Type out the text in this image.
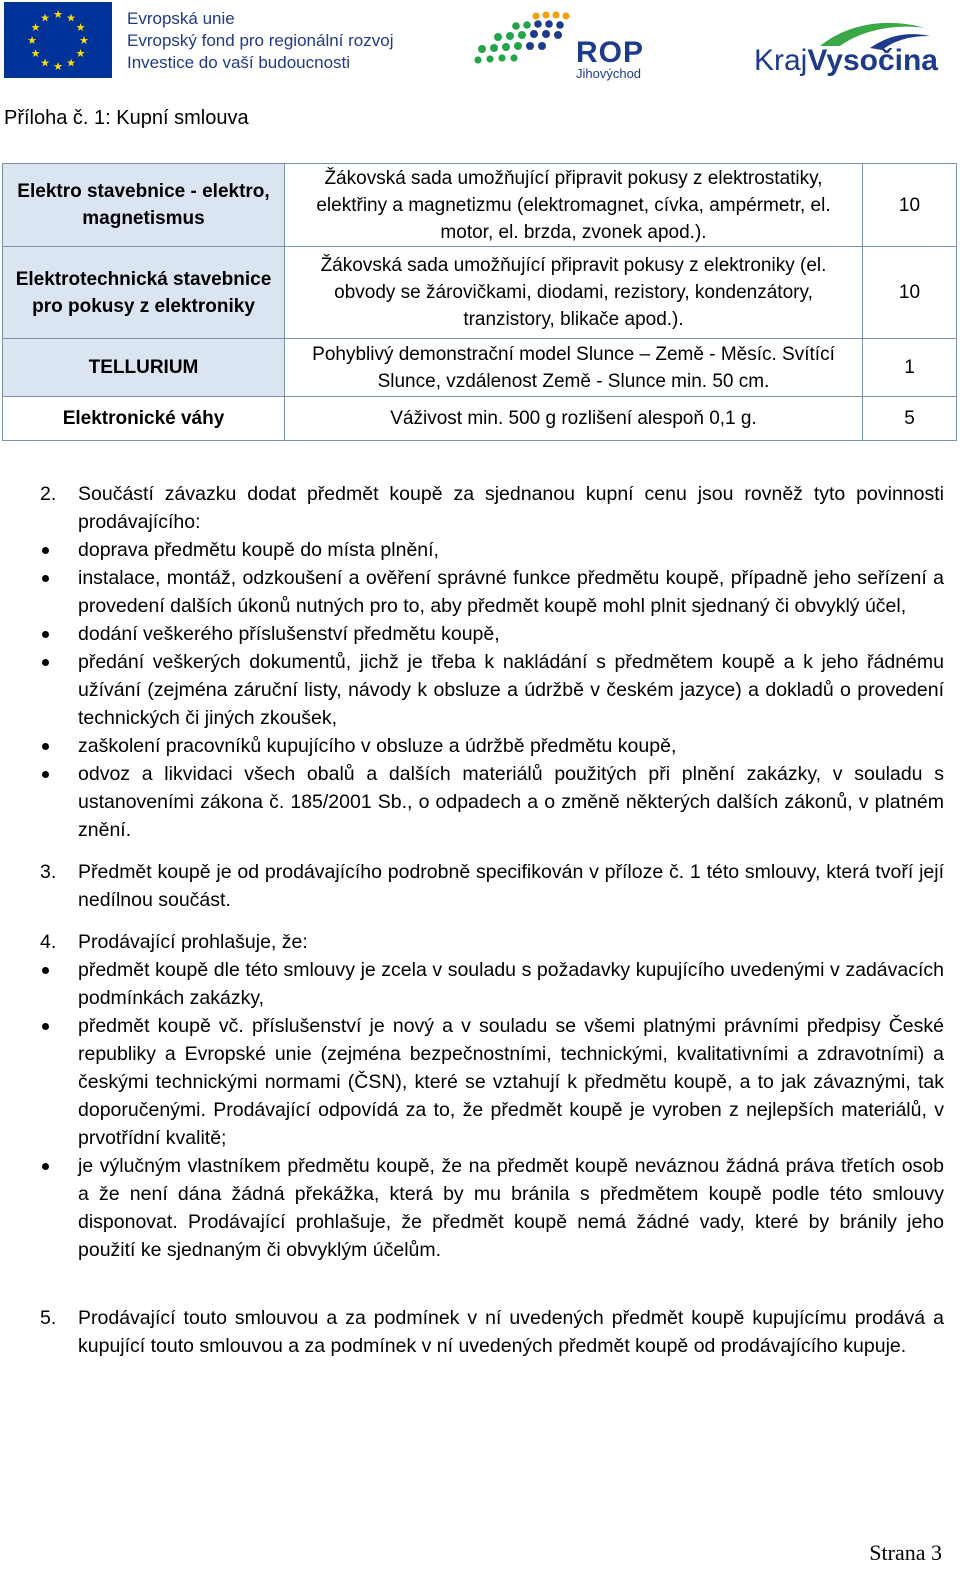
★ ★
★
★
★
★
★
★
★
★
★
★	Evropská unie
Evropský fond pro regionální rozvoj
Investice do vaší budoucnosti	ROP
Jihovýchod	KrajVysočina
Příloha č. 1: Kupní smlouva
Elektro stavebnice - elektro, magnetismus	Žákovská sada umožňující připravit pokusy z elektrostatiky, elektřiny a magnetizmu (elektromagnet, cívka, ampérmetr, el. motor, el. brzda, zvonek apod.).	10
Elektrotechnická stavebnice pro pokusy z elektroniky	Žákovská sada umožňující připravit pokusy z elektroniky (el. obvody se žárovičkami, diodami, rezistory, kondenzátory, tranzistory, blikače apod.).	10
TELLURIUM	Pohyblivý demonstrační model Slunce – Země - Měsíc. Svítící Slunce, vzdálenost Země - Slunce min. 50 cm.	1
Elektronické váhy	Váživost min. 500 g rozlišení alespoň 0,1 g.	5
2.	Součástí závazku dodat předmět koupě za sjednanou kupní cenu jsou rovněž tyto povinnosti prodávajícího:
doprava předmětu koupě do místa plnění,
instalace, montáž, odzkoušení a ověření správné funkce předmětu koupě, případně jeho seřízení a provedení dalších úkonů nutných pro to, aby předmět koupě mohl plnit sjednaný či obvyklý účel,
dodání veškerého příslušenství předmětu koupě,
předání veškerých dokumentů, jichž je třeba k nakládání s předmětem koupě a k jeho řádnému užívání (zejména záruční listy, návody k obsluze a údržbě v českém jazyce) a dokladů o provedení technických či jiných zkoušek,
zaškolení pracovníků kupujícího v obsluze a údržbě předmětu koupě,
odvoz a likvidaci všech obalů a dalších materiálů použitých při plnění zakázky, v souladu s ustanoveními zákona č. 185/2001 Sb., o odpadech a o změně některých dalších zákonů, v platném znění.
3.	Předmět koupě je od prodávajícího podrobně specifikován v příloze č. 1 této smlouvy, která tvoří její nedílnou součást.
4.	Prodávající prohlašuje, že:
předmět koupě dle této smlouvy je zcela v souladu s požadavky kupujícího uvedenými v zadávacích podmínkách zakázky,
předmět koupě vč. příslušenství je nový a v souladu se všemi platnými právními předpisy České republiky a Evropské unie (zejména bezpečnostními, technickými, kvalitativními a zdravotními) a českými technickými normami (ČSN), které se vztahují k předmětu koupě, a to jak závaznými, tak doporučenými. Prodávající odpovídá za to, že předmět koupě je vyroben z nejlepších materiálů, v prvotřídní kvalitě;
je výlučným vlastníkem předmětu koupě, že na předmět koupě neváznou žádná práva třetích osob a že není dána žádná překážka, která by mu bránila s předmětem koupě podle této smlouvy disponovat. Prodávající prohlašuje, že předmět koupě nemá žádné vady, které by bránily jeho použití ke sjednaným či obvyklým účelům.
5.	Prodávající touto smlouvou a za podmínek v ní uvedených předmět koupě kupujícímu prodává a kupující touto smlouvou a za podmínek v ní uvedených předmět koupě od prodávajícího kupuje.
Strana 3
